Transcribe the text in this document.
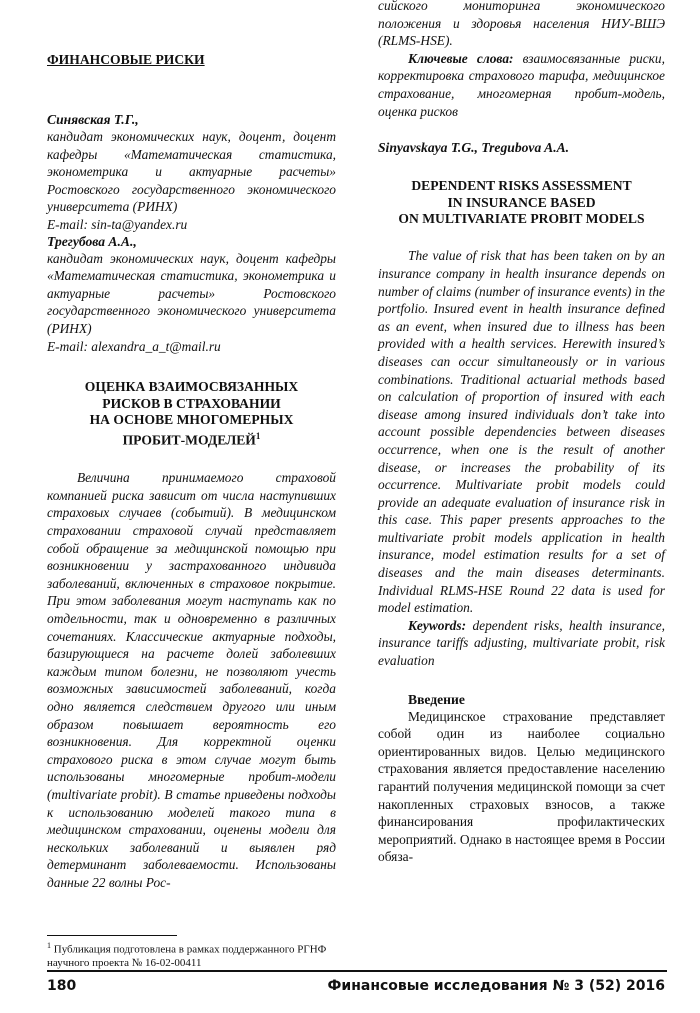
ФИНАНСОВЫЕ РИСКИ

Синявская Т.Г.,

кандидат экономических наук, доцент, доцент кафедры «Математическая статистика, эконометрика и актуарные расчеты» Ростовского государственного экономического университета (РИНХ)

E-mail: sin-ta@yandex.ru

Трегубова А.А.,

кандидат экономических наук, доцент кафедры «Математическая статистика, эконометрика и актуарные расчеты» Ростовского государственного экономического университета (РИНХ)

E-mail: alexandra_a_t@mail.ru

ОЦЕНКА ВЗАИМОСВЯЗАННЫХ

РИСКОВ В СТРАХОВАНИИ

НА ОСНОВЕ МНОГОМЕРНЫХ

ПРОБИТ-МОДЕЛЕЙ$^1$

Величина принимаемого страховой компанией риска зависит от числа наступивших страховых случаев (событий). В медицинском страховании страховой случай представляет собой обращение за медицинской помощью при возникновении у застрахованного индивида заболеваний, включенных в страховое покрытие. При этом заболевания могут наступать как по отдельности, так и одновременно в различных сочетаниях. Классические актуарные подходы, базирующиеся на расчете долей заболевших каждым типом болезни, не позволяют учесть возможных зависимостей заболеваний, когда одно является следствием другого или иным образом повышает вероятность его возникновения. Для корректной оценки страхового риска в этом случае могут быть использованы многомерные пробит-модели (multivariate probit). В статье приведены подходы к использованию моделей такого типа в медицинском страховании, оценены модели для нескольких заболеваний и выявлен ряд детерминант заболеваемости. Использованы данные 22 волны Рос-

$^1$ Публикация подготовлена в рамках поддержанного РГНФ научного проекта № 16-02-00411

сийского мониторинга экономического положения и здоровья населения НИУ-ВШЭ (RLMS-HSE).

Ключевые слова: взаимосвязанные риски, корректировка страхового тарифа, медицинское страхование, многомерная пробит-модель, оценка рисков

Sinyavskaya T.G., Tregubova A.A.

DEPENDENT RISKS ASSESSMENT

IN INSURANCE BASED

ON MULTIVARIATE PROBIT MODELS

The value of risk that has been taken on by an insurance company in health insurance depends on number of claims (number of insurance events) in the portfolio. Insured event in health insurance defined as an event, when insured due to illness has been provided with a health services. Herewith insured’s diseases can occur simultaneously or in various combinations. Traditional actuarial methods based on calculation of proportion of insured with each disease among insured individuals don’t take into account possible dependencies between diseases occurrence, when one is the result of another disease, or increases the probability of its occurrence. Multivariate probit models could provide an adequate evaluation of insurance risk in this case. This paper presents approaches to the multivariate probit models application in health insurance, model estimation results for a set of diseases and the main diseases determinants. Individual RLMS-HSE Round 22 data is used for model estimation.

Keywords: dependent risks, health insurance, insurance tariffs adjusting, multivariate probit, risk evaluation

Введение

Медицинское страхование представляет собой один из наиболее социально ориентированных видов. Целью медицинского страхования является предоставление населению гарантий получения медицинской помощи за счет накопленных страховых взносов, а также финансирования профилактических мероприятий. Однако в настоящее время в России обяза-

180	Финансовые исследования № 3 (52) 2016
